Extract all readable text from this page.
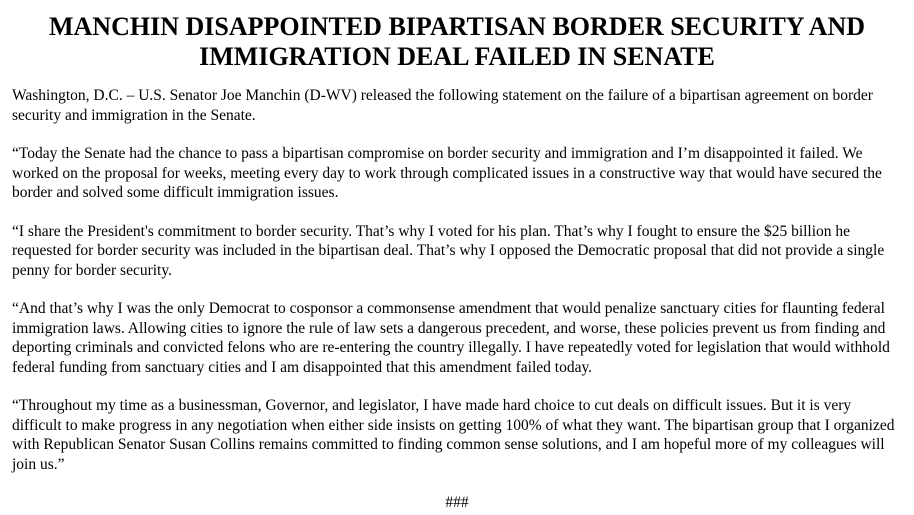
MANCHIN DISAPPOINTED BIPARTISAN BORDER SECURITY AND
IMMIGRATION DEAL FAILED IN SENATE

Washington, D.C. – U.S. Senator Joe Manchin (D-WV) released the following statement on the failure of a bipartisan agreement on border security and immigration in the Senate.

“Today the Senate had the chance to pass a bipartisan compromise on border security and immigration and I’m disappointed it failed. We worked on the proposal for weeks, meeting every day to work through complicated issues in a constructive way that would have secured the border and solved some difficult immigration issues.

“I share the President's commitment to border security. That’s why I voted for his plan. That’s why I fought to ensure the $25 billion he requested for border security was included in the bipartisan deal. That’s why I opposed the Democratic proposal that did not provide a single penny for border security.

“And that’s why I was the only Democrat to cosponsor a commonsense amendment that would penalize sanctuary cities for flaunting federal immigration laws. Allowing cities to ignore the rule of law sets a dangerous precedent, and worse, these policies prevent us from finding and deporting criminals and convicted felons who are re-entering the country illegally. I have repeatedly voted for legislation that would withhold federal funding from sanctuary cities and I am disappointed that this amendment failed today.

“Throughout my time as a businessman, Governor, and legislator, I have made hard choice to cut deals on difficult issues. But it is very difficult to make progress in any negotiation when either side insists on getting 100% of what they want. The bipartisan group that I organized with Republican Senator Susan Collins remains committed to finding common sense solutions, and I am hopeful more of my colleagues will join us.”

###
